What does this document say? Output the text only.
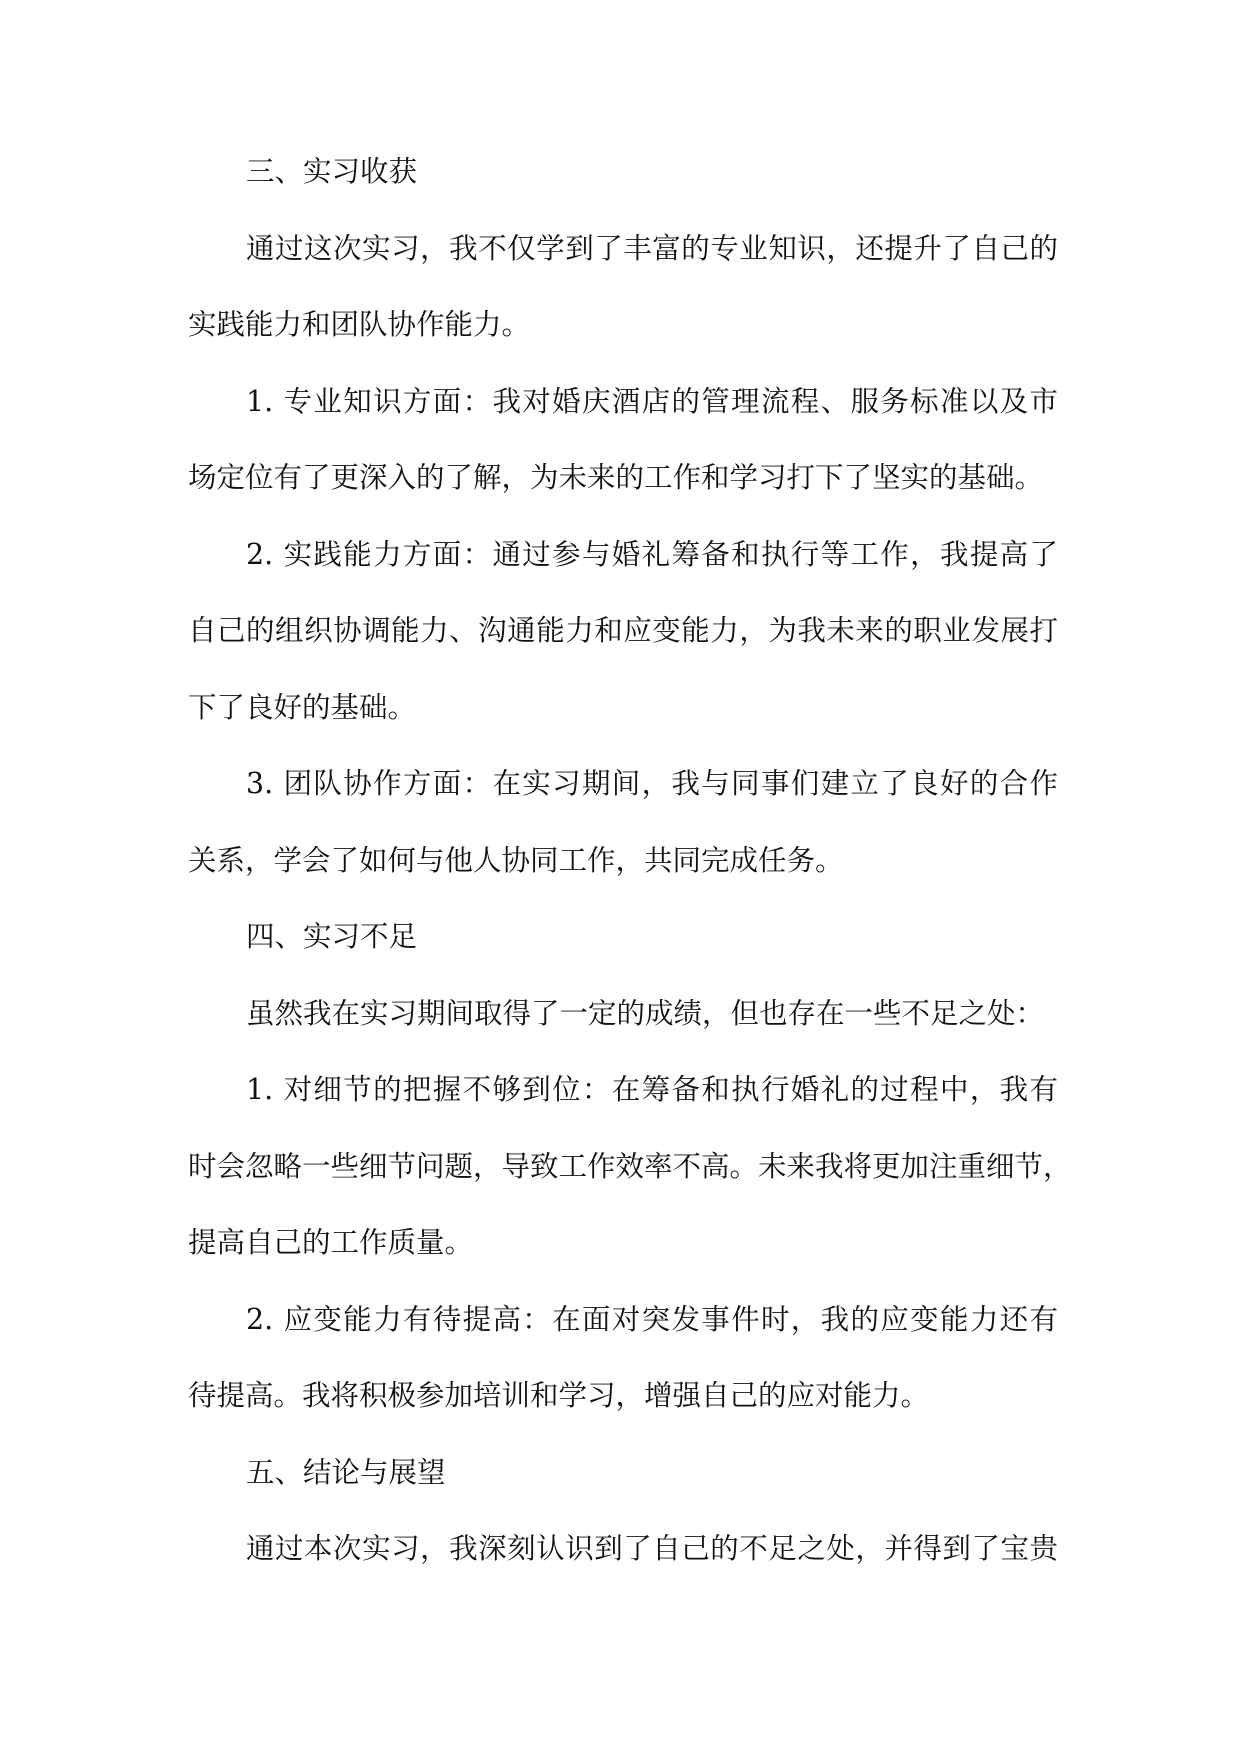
三、实习收获
通过这次实习，我不仅学到了丰富的专业知识，还提升了自己的
实践能力和团队协作能力。
1. 专业知识方面：我对婚庆酒店的管理流程、服务标准以及市
场定位有了更深入的了解，为未来的工作和学习打下了坚实的基础。
2. 实践能力方面：通过参与婚礼筹备和执行等工作，我提高了
自己的组织协调能力、沟通能力和应变能力，为我未来的职业发展打
下了良好的基础。
3. 团队协作方面：在实习期间，我与同事们建立了良好的合作
关系，学会了如何与他人协同工作，共同完成任务。
四、实习不足
虽然我在实习期间取得了一定的成绩，但也存在一些不足之处：
1. 对细节的把握不够到位：在筹备和执行婚礼的过程中，我有
时会忽略一些细节问题，导致工作效率不高。未来我将更加注重细节，
提高自己的工作质量。
2. 应变能力有待提高：在面对突发事件时，我的应变能力还有
待提高。我将积极参加培训和学习，增强自己的应对能力。
五、结论与展望
通过本次实习，我深刻认识到了自己的不足之处，并得到了宝贵
